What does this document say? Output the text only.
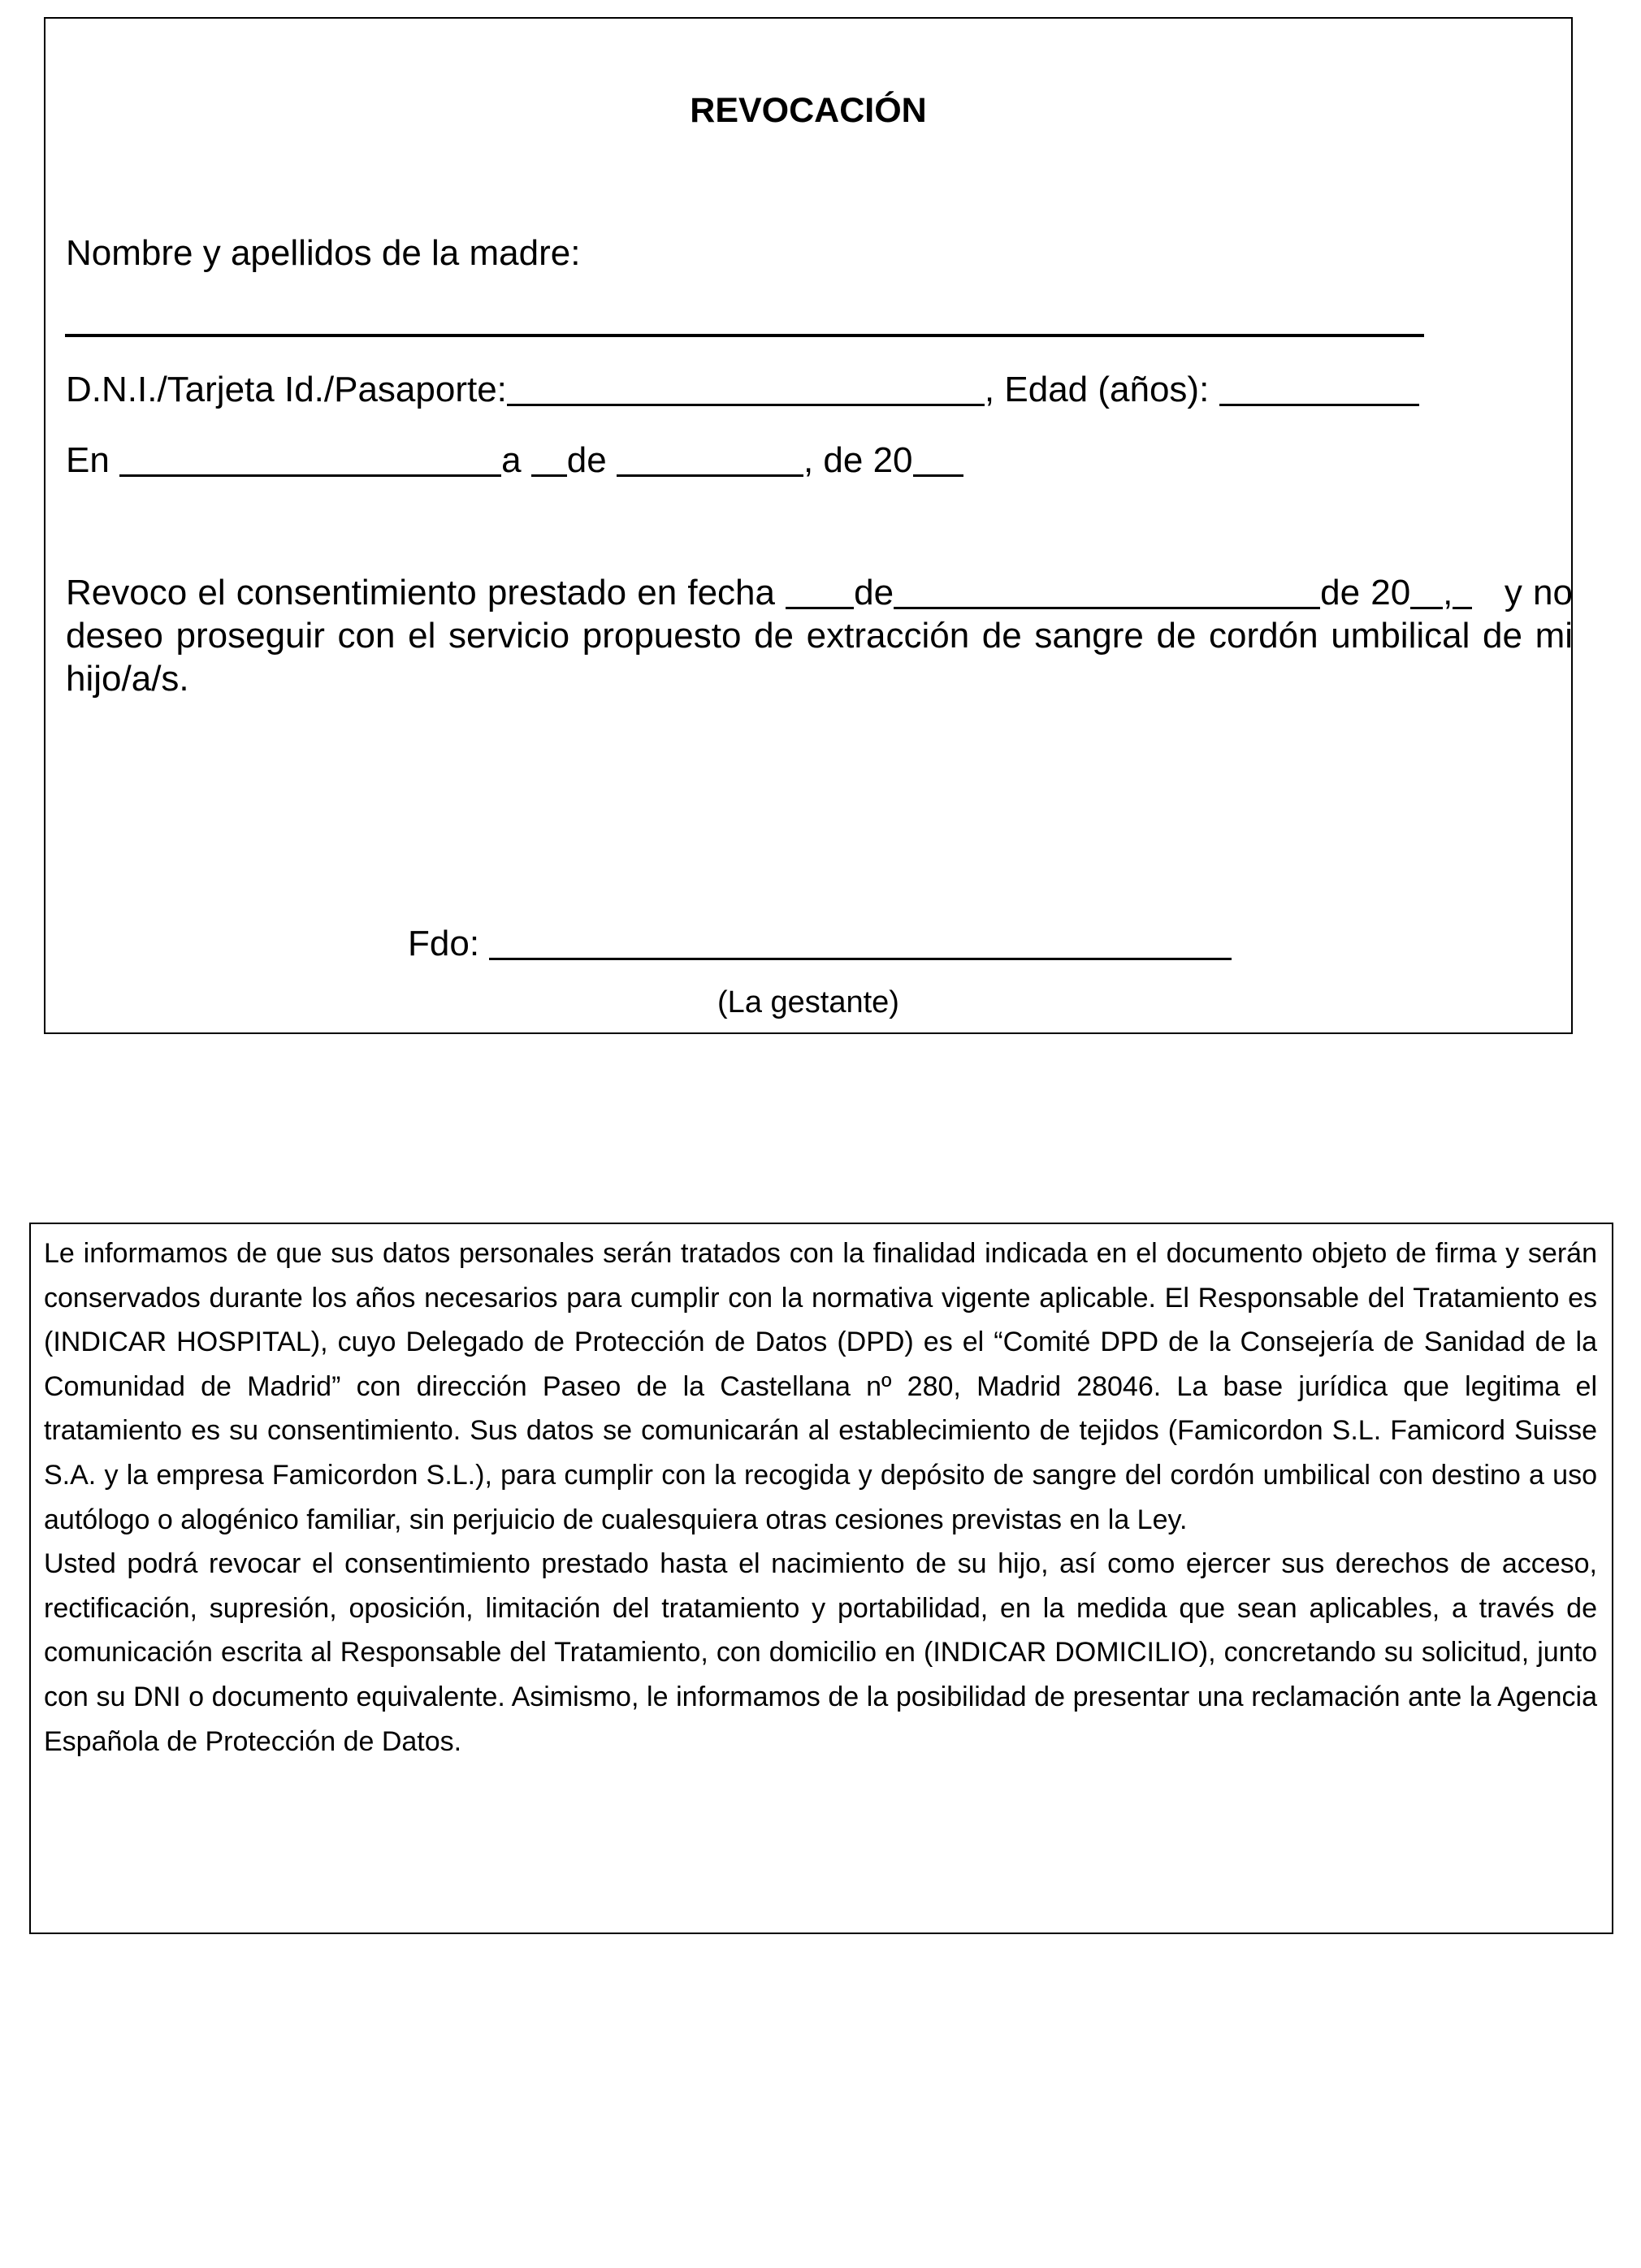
REVOCACIÓN
Nombre y apellidos de la madre:
D.N.I./Tarjeta Id./Pasaporte:	, Edad (años):
En	a de	, de 20
Revoco el consentimiento prestado en fecha de	de 20 , y no deseo proseguir con el servicio propuesto de extracción de sangre de cordón umbilical de mi hijo/a/s.
Fdo:
(La gestante)

Le informamos de que sus datos personales serán tratados con la finalidad indicada en el documento objeto de firma y serán conservados durante los años necesarios para cumplir con la normativa vigente aplicable. El Responsable del Tratamiento es (INDICAR HOSPITAL), cuyo Delegado de Protección de Datos (DPD) es el “Comité DPD de la Consejería de Sanidad de la Comunidad de Madrid” con dirección Paseo de la Castellana nº 280, Madrid 28046. La base jurídica que legitima el tratamiento es su consentimiento. Sus datos se comunicarán al establecimiento de tejidos (Famicordon S.L. Famicord Suisse S.A. y la empresa Famicordon S.L.), para cumplir con la recogida y depósito de sangre del cordón umbilical con destino a uso autólogo o alogénico familiar, sin perjuicio de cualesquiera otras cesiones previstas en la Ley.

Usted podrá revocar el consentimiento prestado hasta el nacimiento de su hijo, así como ejercer sus derechos de acceso, rectificación, supresión, oposición, limitación del tratamiento y portabilidad, en la medida que sean aplicables, a través de comunicación escrita al Responsable del Tratamiento, con domicilio en (INDICAR DOMICILIO), concretando su solicitud, junto con su DNI o documento equivalente. Asimismo, le informamos de la posibilidad de presentar una reclamación ante la Agencia Española de Protección de Datos.
